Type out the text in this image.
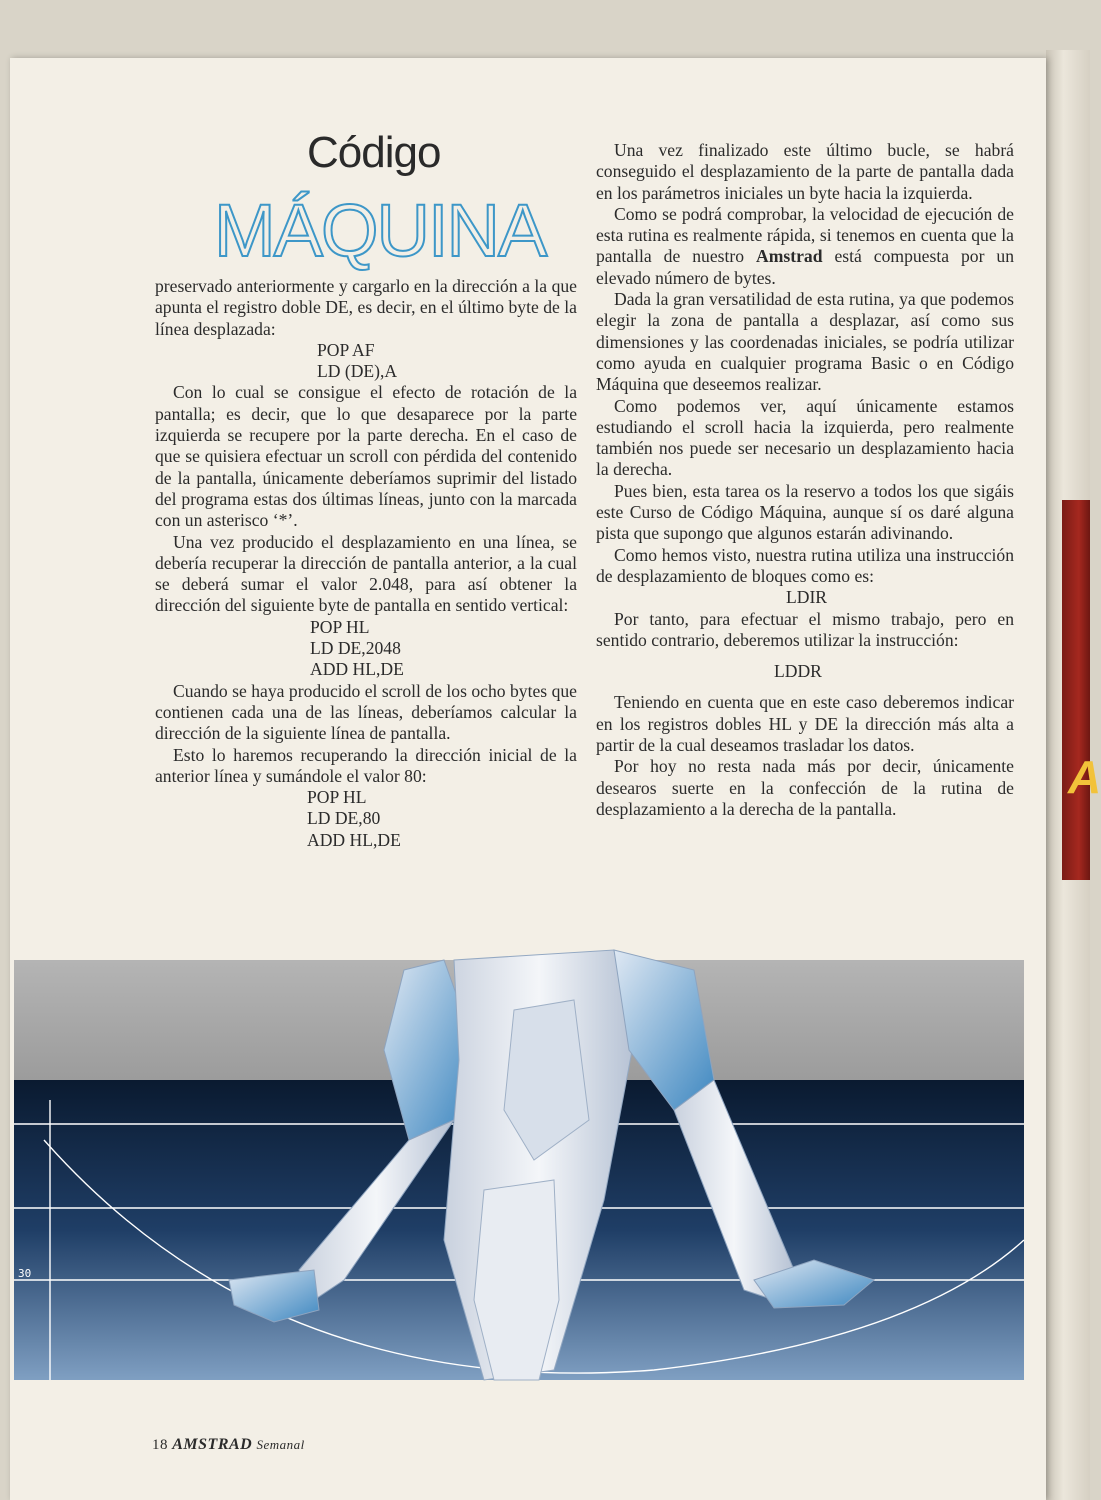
A
Código
MÁQUINA

preservado anteriormente y cargarlo en la dirección a la que apunta el registro doble DE, es decir, en el último byte de la línea desplazada:

POP AF
LD (DE),A

Con lo cual se consigue el efecto de rotación de la pantalla; es decir, que lo que desaparece por la parte izquierda se recupere por la parte derecha. En el caso de que se quisiera efectuar un scroll con pérdida del contenido de la pantalla, únicamente deberíamos suprimir del listado del programa estas dos últimas líneas, junto con la marcada con un asterisco ‘*’.

Una vez producido el desplazamiento en una línea, se debería recuperar la dirección de pantalla anterior, a la cual se deberá sumar el valor 2.048, para así obtener la dirección del siguiente byte de pantalla en sentido vertical:

POP HL
LD DE,2048
ADD HL,DE

Cuando se haya producido el scroll de los ocho bytes que contienen cada una de las líneas, deberíamos calcular la dirección de la siguiente línea de pantalla.

Esto lo haremos recuperando la dirección inicial de la anterior línea y sumándole el valor 80:

POP HL
LD DE,80
ADD HL,DE

Una vez finalizado este último bucle, se habrá conseguido el desplazamiento de la parte de pantalla dada en los parámetros iniciales un byte hacia la izquierda.

Como se podrá comprobar, la velocidad de ejecución de esta rutina es realmente rápida, si tenemos en cuenta que la pantalla de nuestro Amstrad está compuesta por un elevado número de bytes.

Dada la gran versatilidad de esta rutina, ya que podemos elegir la zona de pantalla a desplazar, así como sus dimensiones y las coordenadas iniciales, se podría utilizar como ayuda en cualquier programa Basic o en Código Máquina que deseemos realizar.

Como podemos ver, aquí únicamente estamos estudiando el scroll hacia la izquierda, pero realmente también nos puede ser necesario un desplazamiento hacia la derecha.

Pues bien, esta tarea os la reservo a todos los que sigáis este Curso de Código Máquina, aunque sí os daré alguna pista que supongo que algunos estarán adivinando.

Como hemos visto, nuestra rutina utiliza una instrucción de desplazamiento de bloques como es:

LDIR

Por tanto, para efectuar el mismo trabajo, pero en sentido contrario, deberemos utilizar la instrucción:

LDDR

Teniendo en cuenta que en este caso deberemos indicar en los registros dobles HL y DE la dirección más alta a partir de la cual deseamos trasladar los datos.

Por hoy no resta nada más por decir, únicamente desearos suerte en la confección de la rutina de desplazamiento a la derecha de la pantalla.

30
18 AMSTRAD Semanal
